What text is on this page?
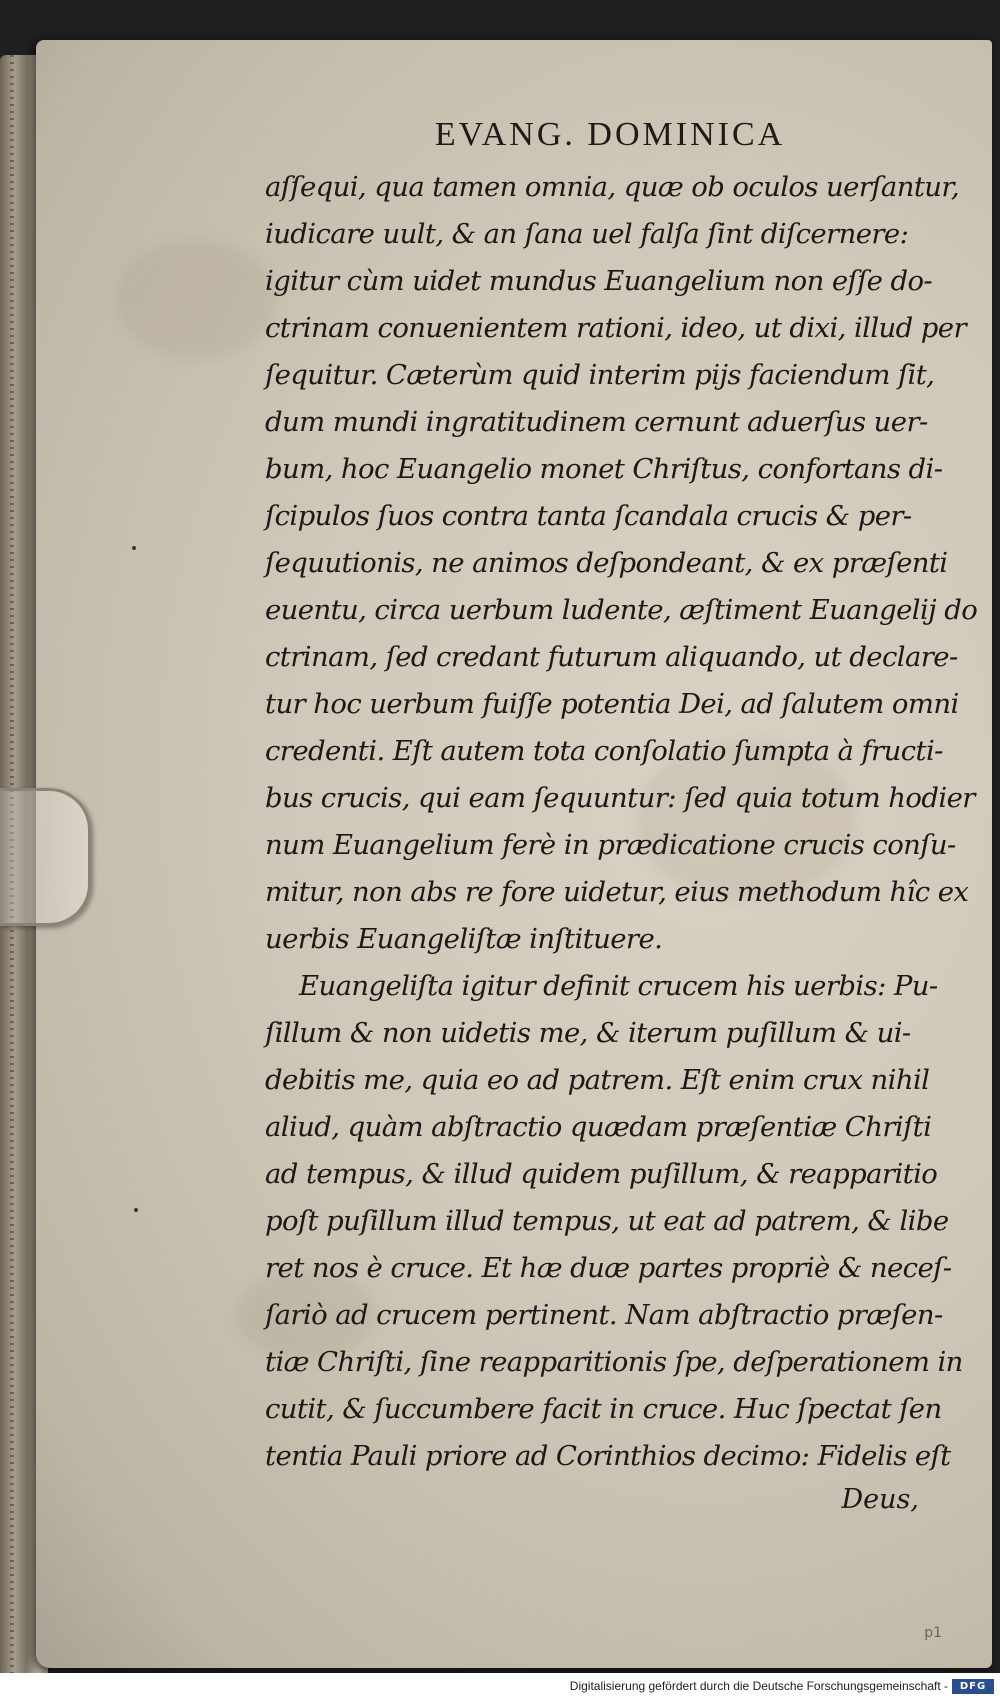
EVANG. DOMINICA
aſſequi, qua tamen omnia, quæ ob oculos uerſantur,
iudicare uult, & an ſana uel falſa ſint diſcernere:
igitur cùm uidet mundus Euangelium non eſſe do-
ctrinam conuenientem rationi, ideo, ut dixi, illud per
ſequitur. Cæterùm quid interim pijs faciendum ſit,
dum mundi ingratitudinem cernunt aduerſus uer-
bum, hoc Euangelio monet Chriſtus, confortans di-
ſcipulos ſuos contra tanta ſcandala crucis & per-
ſequutionis, ne animos deſpondeant, & ex præſenti
euentu, circa uerbum ludente, æſtiment Euangelij do
ctrinam, ſed credant futurum aliquando, ut declare-
tur hoc uerbum fuiſſe potentia Dei, ad ſalutem omni
credenti. Eſt autem tota conſolatio ſumpta à fructi-
bus crucis, qui eam ſequuntur: ſed quia totum hodier
num Euangelium ferè in prædicatione crucis conſu-
mitur, non abs re fore uidetur, eius methodum hîc ex
uerbis Euangeliſtæ inſtituere.
Euangeliſta igitur definit crucem his uerbis: Pu-
ſillum & non uidetis me, & iterum puſillum & ui-
debitis me, quia eo ad patrem. Eſt enim crux nihil
aliud, quàm abſtractio quædam præſentiæ Chriſti
ad tempus, & illud quidem puſillum, & reapparitio
poſt puſillum illud tempus, ut eat ad patrem, & libe
ret nos è cruce. Et hæ duæ partes propriè & neceſ-
ſariò ad crucem pertinent. Nam abſtractio præſen-
tiæ Chriſti, ſine reapparitionis ſpe, deſperationem in
cutit, & ſuccumbere facit in cruce. Huc ſpectat ſen
tentia Pauli priore ad Corinthios decimo: Fidelis eſt
Deus,
p1
Digitalisierung gefördert durch die Deutsche Forschungsgemeinschaft -	DFG
